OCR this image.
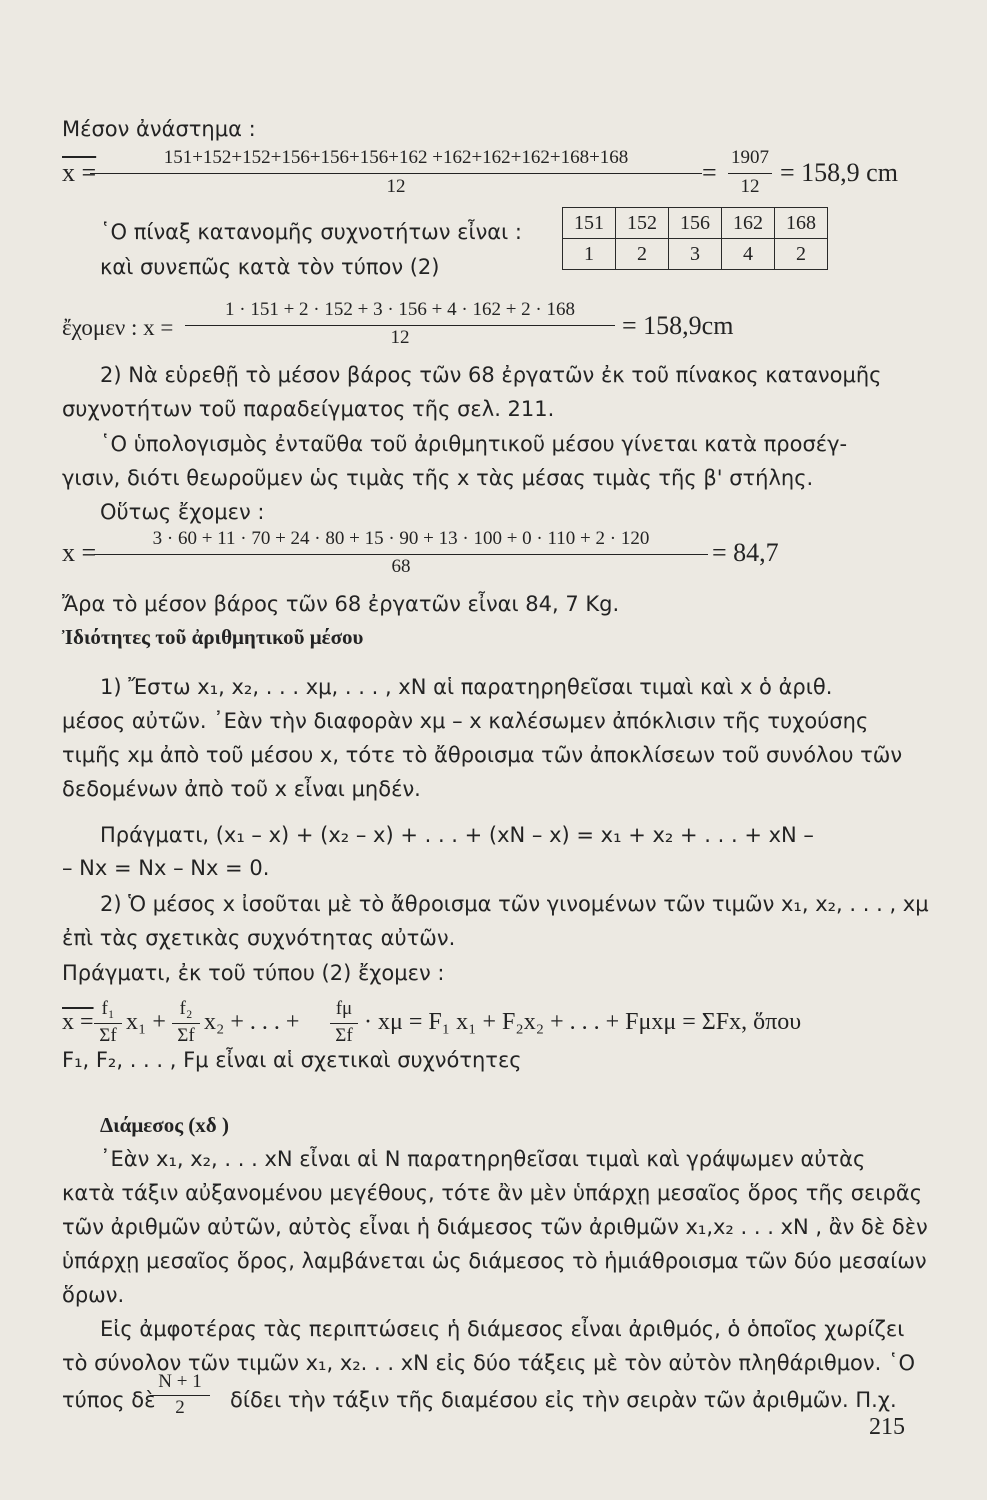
Μέσον ἀνάστημα :
x =
151+152+152+156+156+156+162 +162+162+162+168+168
12	=
1907
12 = 158,9 cm
῾Ο πίναξ κατανομῆς συχνοτήτων εἶναι :
καὶ συνεπῶς κατὰ τὸν τύπον (2)
151	152	156	162	168
1	2	3	4	2
ἔχομεν : x =
1 · 151 + 2 · 152 + 3 · 156 + 4 · 162 + 2 · 168
12	= 158,9cm
2) Νὰ εὑρεθῇ τὸ μέσον βάρος τῶν 68 ἐργατῶν ἐκ τοῦ πίνακος κατανομῆς
συχνοτήτων τοῦ παραδείγματος τῆς σελ. 211.
῾Ο ὑπολογισμὸς ἐνταῦθα τοῦ ἀριθμητικοῦ μέσου γίνεται κατὰ προσέγ-
γισιν, διότι θεωροῦμεν ὡς τιμὰς τῆς x τὰς μέσας τιμὰς τῆς β' στήλης.
Οὕτως ἔχομεν :
x =	3 · 60 + 11 · 70 + 24 · 80 + 15 · 90 + 13 · 100 + 0 · 110 + 2 · 120
68	= 84,7
Ἄρα τὸ μέσον βάρος τῶν 68 ἐργατῶν εἶναι 84, 7 Kg.
Ἰδιότητες τοῦ ἀριθμητικοῦ μέσου
1) Ἔστω x₁, x₂, . . . xμ, . . . , xN αἱ παρατηρηθεῖσαι τιμαὶ καὶ x ὁ ἀριθ.
μέσος αὐτῶν. ᾿Εὰν τὴν διαφορὰν xμ – x καλέσωμεν ἀπόκλισιν τῆς τυχούσης
τιμῆς xμ ἀπὸ τοῦ μέσου x, τότε τὸ ἄθροισμα τῶν ἀποκλίσεων τοῦ συνόλου τῶν
δεδομένων ἀπὸ τοῦ x εἶναι μηδέν.
Πράγματι, (x₁ – x) + (x₂ – x) + . . . + (xN – x) = x₁ + x₂ + . . . + xN –
– Nx = Nx – Nx = 0.
2) Ὁ μέσος x ἰσοῦται μὲ τὸ ἄθροισμα τῶν γινομένων τῶν τιμῶν x₁, x₂, . . . , xμ
ἐπὶ τὰς σχετικὰς συχνότητας αὐτῶν.
Πράγματι, ἐκ τοῦ τύπου (2) ἔχομεν :
x =
f₁
Σf
x₁ +
f₂
Σf
x₂ + . . . +
fμ
Σf
· xμ = F₁ x₁ + F₂x₂ + . . . + Fμxμ = ΣFx, ὅπου
F₁, F₂, . . . , Fμ εἶναι αἱ σχετικαὶ συχνότητες
Διάμεσος (xδ )
᾿Εὰν x₁, x₂, . . . xN εἶναι αἱ N παρατηρηθεῖσαι τιμαὶ καὶ γράψωμεν αὐτὰς
κατὰ τάξιν αὐξανομένου μεγέθους, τότε ἂν μὲν ὑπάρχῃ μεσαῖος ὅρος τῆς σειρᾶς
τῶν ἀριθμῶν αὐτῶν, αὐτὸς εἶναι ἡ διάμεσος τῶν ἀριθμῶν x₁,x₂ . . . xN , ἂν δὲ δὲν
ὑπάρχῃ μεσαῖος ὅρος, λαμβάνεται ὡς διάμεσος τὸ ἡμιάθροισμα τῶν δύο μεσαίων
ὅρων.
Εἰς ἀμφοτέρας τὰς περιπτώσεις ἡ διάμεσος εἶναι ἀριθμός, ὁ ὁποῖος χωρίζει
τὸ σύνολον τῶν τιμῶν x₁, x₂. . . xN εἰς δύο τάξεις μὲ τὸν αὐτὸν πληθάριθμον. ῾Ο
τύπος δὲ
N + 1
2	δίδει τὴν τάξιν τῆς διαμέσου εἰς τὴν σειρὰν τῶν ἀριθμῶν. Π.χ.
215
